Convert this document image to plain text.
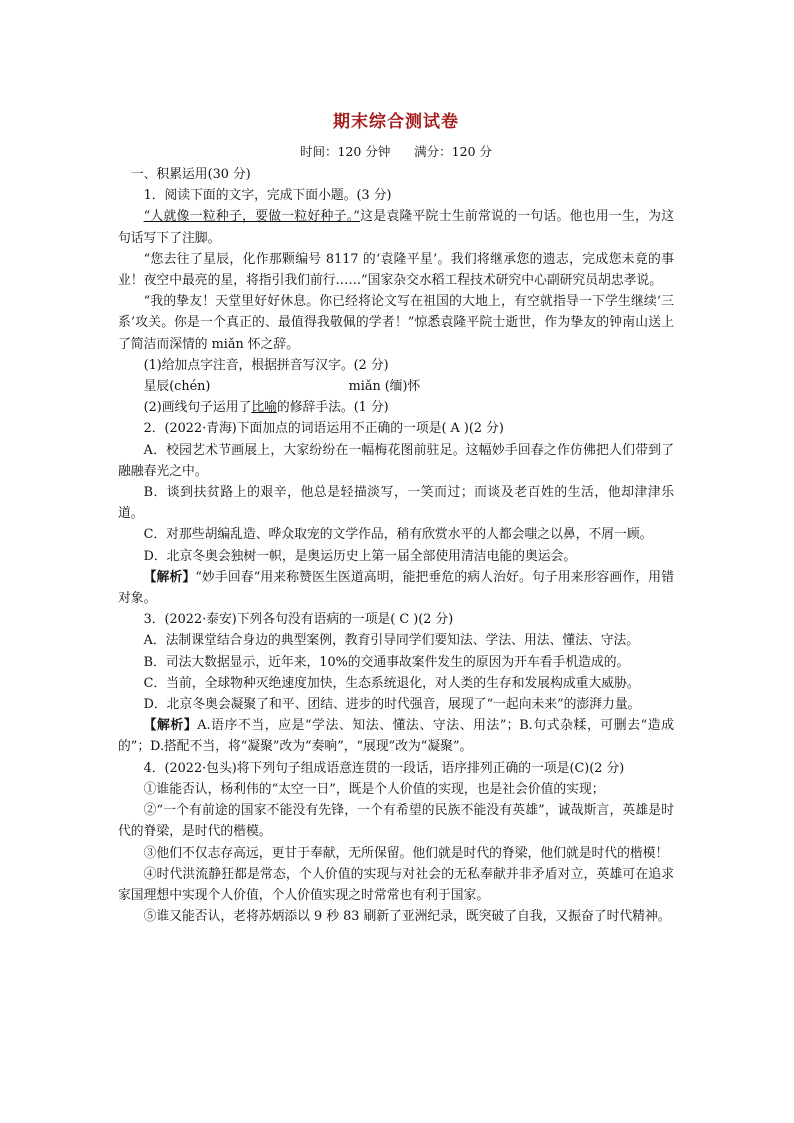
期末综合测试卷
时间：120 分钟 满分：120 分
一、积累运用(30 分)
1．阅读下面的文字，完成下面小题。(3 分)
“人就像一粒种子，要做一粒好种子。”这是袁隆平院士生前常说的一句话。他也用一生，为这句话写下了注脚。
“您去往了星辰，化作那颗编号 8117 的‘袁隆平星’。我们将继承您的遗志，完成您未竟的事业！夜空中最亮的星，将指引我们前行……”国家杂交水稻工程技术研究中心副研究员胡忠孝说。
“我的挚友！天堂里好好休息。你已经将论文写在祖国的大地上，有空就指导一下学生继续‘三系’攻关。你是一个真正的、最值得我敬佩的学者！”惊悉袁隆平院士逝世，作为挚友的钟南山送上了简洁而深情的 miǎn 怀之辞。
(1)给加点字注音，根据拼音写汉字。(2 分)
星辰(chén)	miǎn (缅)怀
(2)画线句子运用了比喻的修辞手法。(1 分)
2．(2022·青海)下面加点的词语运用不正确的一项是( A )(2 分)
A．校园艺术节画展上，大家纷纷在一幅梅花图前驻足。这幅妙手回春之作仿佛把人们带到了融融春光之中。
B．谈到扶贫路上的艰辛，他总是轻描淡写，一笑而过；而谈及老百姓的生活，他却津津乐道。
C．对那些胡编乱造、哗众取宠的文学作品，稍有欣赏水平的人都会嗤之以鼻，不屑一顾。
D．北京冬奥会独树一帜，是奥运历史上第一届全部使用清洁电能的奥运会。
【解析】“妙手回春”用来称赞医生医道高明，能把垂危的病人治好。句子用来形容画作，用错对象。
3．(2022·泰安)下列各句没有语病的一项是( C )(2 分)
A．法制课堂结合身边的典型案例，教育引导同学们要知法、学法、用法、懂法、守法。
B．司法大数据显示，近年来，10%的交通事故案件发生的原因为开车看手机造成的。
C．当前，全球物种灭绝速度加快，生态系统退化，对人类的生存和发展构成重大威胁。
D．北京冬奥会凝聚了和平、团结、进步的时代强音，展现了“一起向未来”的澎湃力量。
【解析】A.语序不当，应是“学法、知法、懂法、守法、用法”；B.句式杂糅，可删去“造成的”；D.搭配不当，将“凝聚”改为“奏响”，“展现”改为“凝聚”。
4．(2022·包头)将下列句子组成语意连贯的一段话，语序排列正确的一项是(C)(2 分)
①谁能否认，杨利伟的“太空一日”，既是个人价值的实现，也是社会价值的实现；
②“一个有前途的国家不能没有先锋，一个有希望的民族不能没有英雄”，诚哉斯言，英雄是时代的脊梁，是时代的楷模。
③他们不仅志存高远，更甘于奉献，无所保留。他们就是时代的脊梁，他们就是时代的楷模！
④时代洪流静狂都是常态，个人价值的实现与对社会的无私奉献并非矛盾对立，英雄可在追求家国理想中实现个人价值，个人价值实现之时常常也有利于国家。
⑤谁又能否认，老将苏炳添以 9 秒 83 刷新了亚洲纪录，既突破了自我，又振奋了时代精神。
